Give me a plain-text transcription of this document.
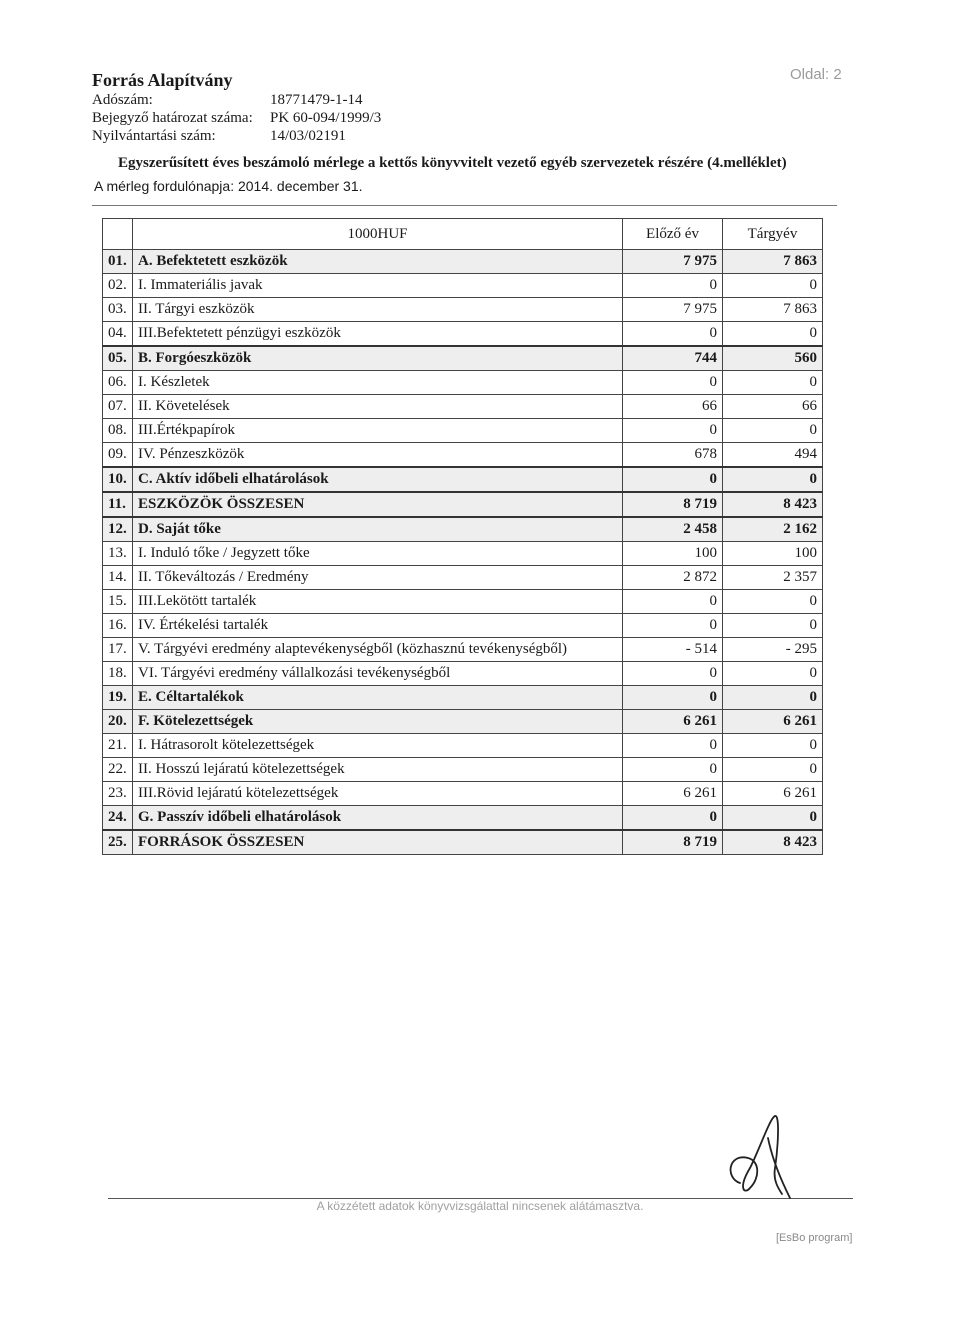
Oldal: 2
Forrás Alapítvány
Adószám:	18771479-1-14
Bejegyző határozat száma: PK 60-094/1999/3
Nyilvántartási szám:	14/03/02191
Egyszerűsített éves beszámoló mérlege a kettős könyvvitelt vezető egyéb szervezetek részére (4.melléklet)
A mérleg fordulónapja: 2014. december 31.
	1000HUF	Előző év	Tárgyév
01.	A. Befektetett eszközök	7 975	7 863
02.	I. Immateriális javak	0	0
03.	II. Tárgyi eszközök	7 975	7 863
04.	III.Befektetett pénzügyi eszközök	0	0
05.	B. Forgóeszközök	744	560
06.	I. Készletek	0	0
07.	II. Követelések	66	66
08.	III.Értékpapírok	0	0
09.	IV. Pénzeszközök	678	494
10.	C. Aktív időbeli elhatárolások	0	0
11.	ESZKÖZÖK ÖSSZESEN	8 719	8 423
12.	D. Saját tőke	2 458	2 162
13.	I. Induló tőke / Jegyzett tőke	100	100
14.	II. Tőkeváltozás / Eredmény	2 872	2 357
15.	III.Lekötött tartalék	0	0
16.	IV. Értékelési tartalék	0	0
17.	V. Tárgyévi eredmény alaptevékenységből (közhasznú tevékenységből)	- 514	- 295
18.	VI. Tárgyévi eredmény vállalkozási tevékenységből	0	0
19.	E. Céltartalékok	0	0
20.	F. Kötelezettségek	6 261	6 261
21.	I. Hátrasorolt kötelezettségek	0	0
22.	II. Hosszú lejáratú kötelezettségek	0	0
23.	III.Rövid lejáratú kötelezettségek	6 261	6 261
24.	G. Passzív időbeli elhatárolások	0	0
25.	FORRÁSOK ÖSSZESEN	8 719	8 423
A közzétett adatok könyvvizsgálattal nincsenek alátámasztva.
[EsBo program]
